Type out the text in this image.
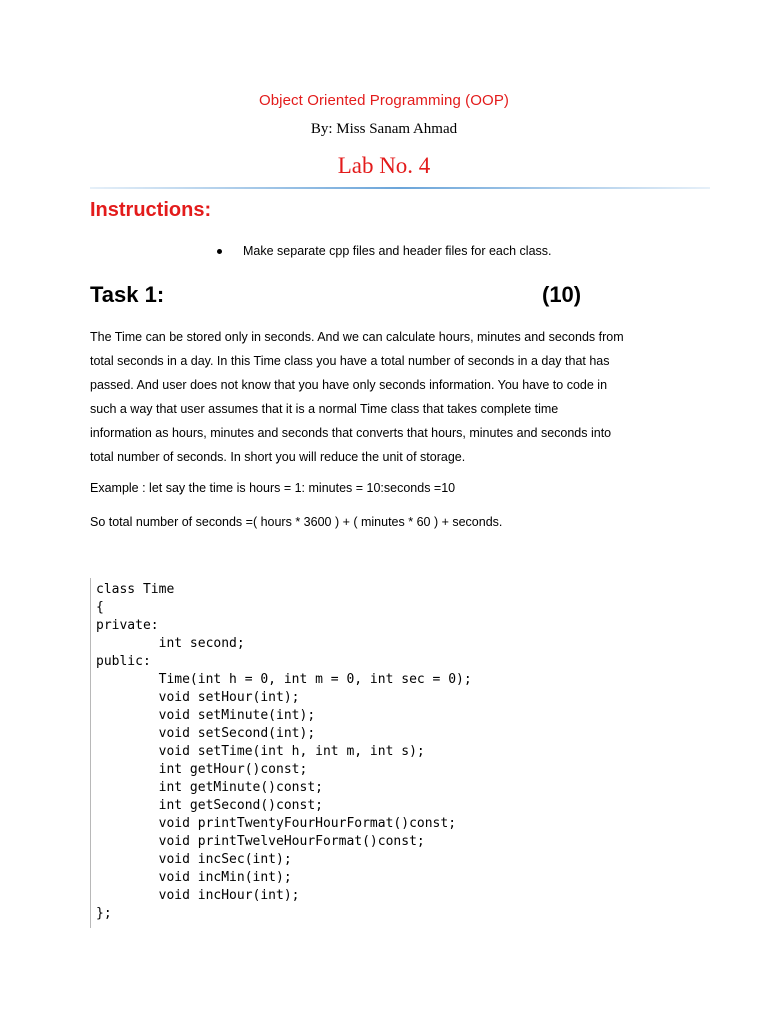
Object Oriented Programming (OOP)
By: Miss Sanam Ahmad
Lab No. 4
Instructions:
Make separate cpp files and header files for each class.
Task 1:	(10)
The Time can be stored only in seconds. And we can calculate hours, minutes and seconds from
total seconds in a day. In this Time class you have a total number of seconds in a day that has
passed. And user does not know that you have only seconds information. You have to code in
such a way that user assumes that it is a normal Time class that takes complete time
information as hours, minutes and seconds that converts that hours, minutes and seconds into
total number of seconds. In short you will reduce the unit of storage.
Example : let say the time is hours = 1: minutes = 10:seconds =10
So total number of seconds =( hours * 3600 ) + ( minutes * 60 ) + seconds.
class Time
{
private:
int second;
public:
Time(int h = 0, int m = 0, int sec = 0);
void setHour(int);
void setMinute(int);
void setSecond(int);
void setTime(int h, int m, int s);
int getHour()const;
int getMinute()const;
int getSecond()const;
void printTwentyFourHourFormat()const;
void printTwelveHourFormat()const;
void incSec(int);
void incMin(int);
void incHour(int);
};
